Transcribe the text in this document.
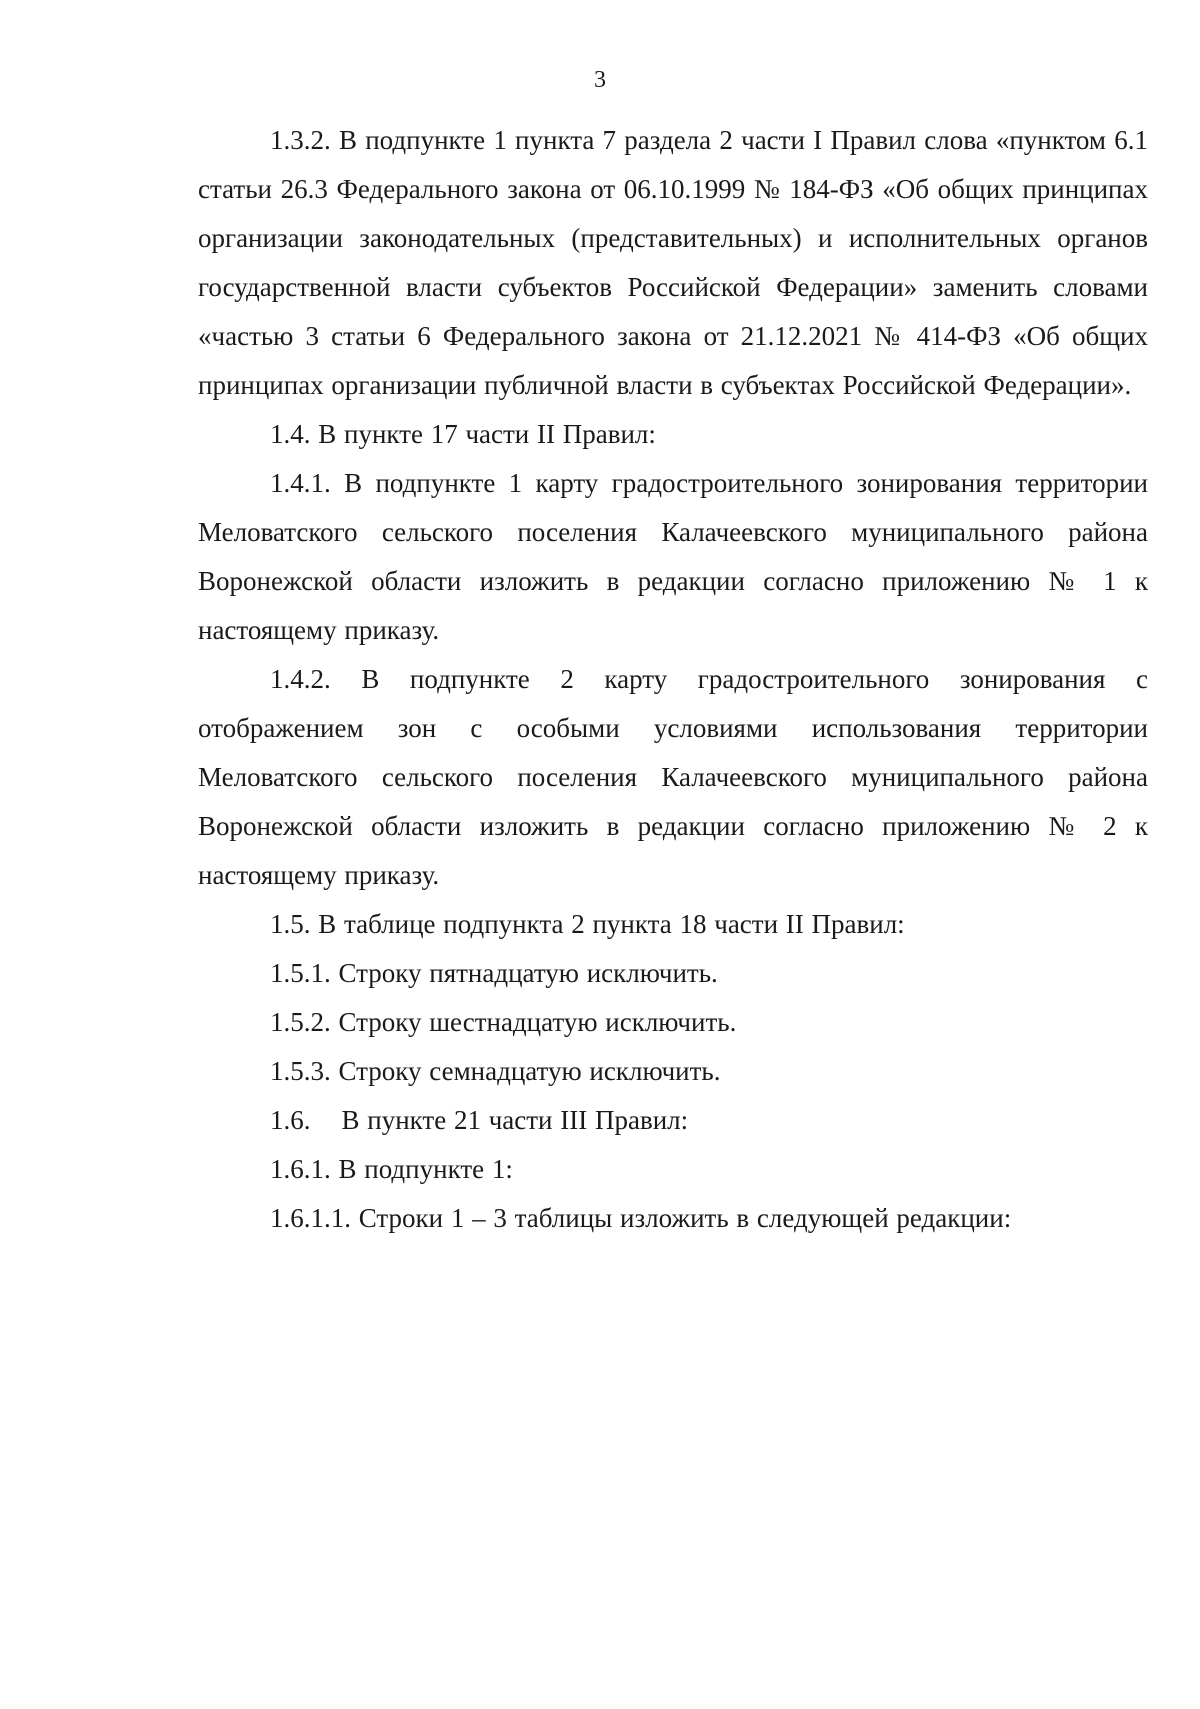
3

1.3.2. В подпункте 1 пункта 7 раздела 2 части I Правил слова «пунктом 6.1 статьи 26.3 Федерального закона от 06.10.1999 № 184-ФЗ «Об общих принципах организации законодательных (представительных) и исполнительных органов государственной власти субъектов Российской Федерации» заменить словами «частью 3 статьи 6 Федерального закона от 21.12.2021 № 414-ФЗ «Об общих принципах организации публичной власти в субъектах Российской Федерации».

1.4. В пункте 17 части II Правил:

1.4.1. В подпункте 1 карту градостроительного зонирования территории Меловатского сельского поселения Калачеевского муниципального района Воронежской области изложить в редакции согласно приложению № 1 к настоящему приказу.

1.4.2. В подпункте 2 карту градостроительного зонирования с отображением зон с особыми условиями использования территории Меловатского сельского поселения Калачеевского муниципального района Воронежской области изложить в редакции согласно приложению № 2 к настоящему приказу.

1.5. В таблице подпункта 2 пункта 18 части II Правил:

1.5.1. Строку пятнадцатую исключить.

1.5.2. Строку шестнадцатую исключить.

1.5.3. Строку семнадцатую исключить.

1.6.    В пункте 21 части III Правил:

1.6.1. В подпункте 1:

1.6.1.1. Строки 1 – 3 таблицы изложить в следующей редакции:
